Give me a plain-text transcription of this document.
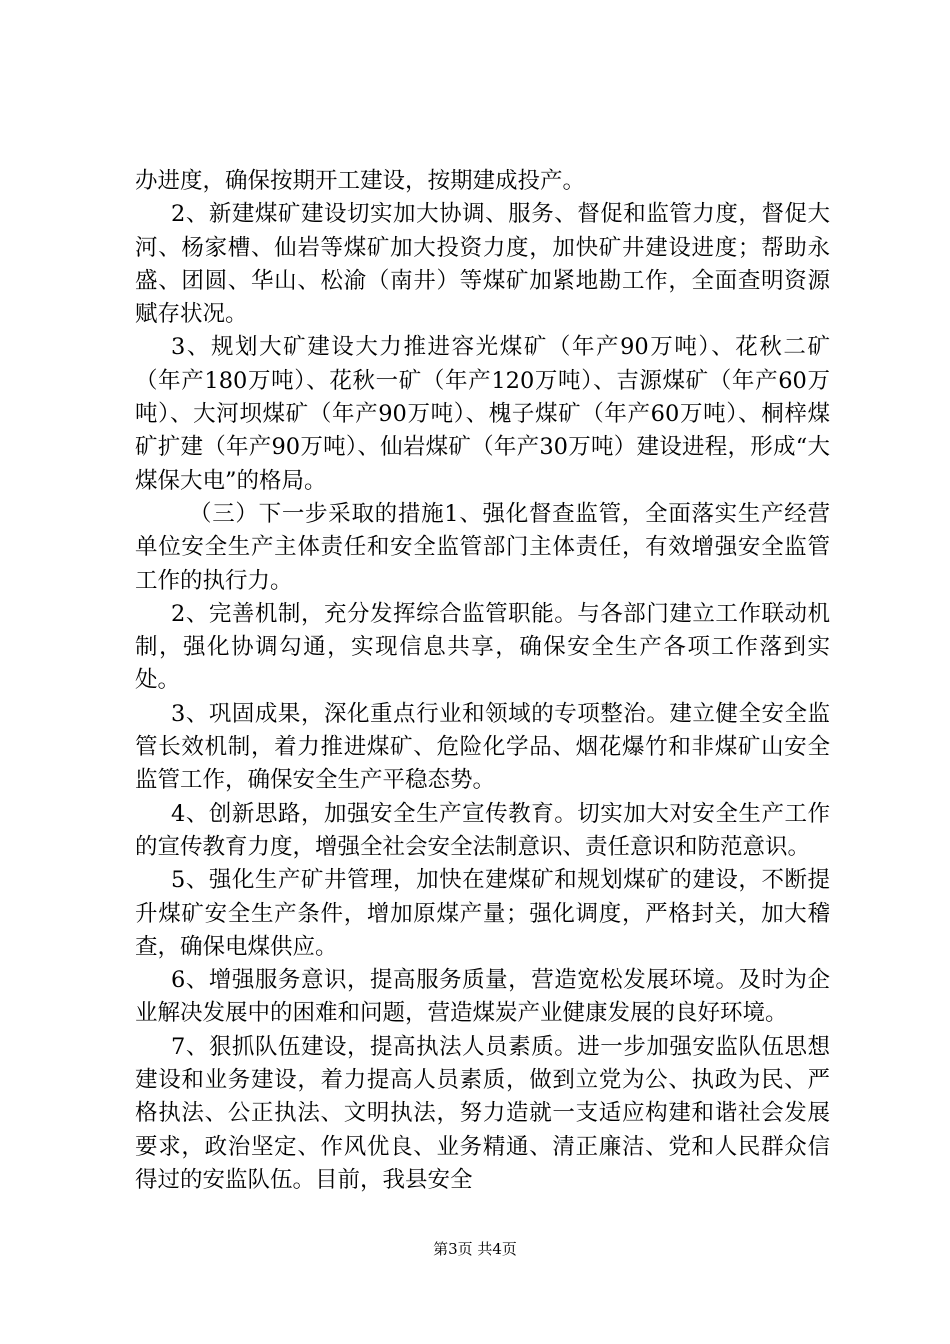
办进度，确保按期开工建设，按期建成投产。

2、新建煤矿建设切实加大协调、服务、督促和监管力度，督促大河、杨家槽、仙岩等煤矿加大投资力度，加快矿井建设进度；帮助永盛、团圆、华山、松渝（南井）等煤矿加紧地勘工作，全面查明资源赋存状况。

3、规划大矿建设大力推进容光煤矿（年产90万吨）、花秋二矿（年产180万吨）、花秋一矿（年产120万吨）、吉源煤矿（年产60万吨）、大河坝煤矿（年产90万吨）、槐子煤矿（年产60万吨）、桐梓煤矿扩建（年产90万吨）、仙岩煤矿（年产30万吨）建设进程，形成“大煤保大电”的格局。

（三）下一步采取的措施1、强化督查监管，全面落实生产经营单位安全生产主体责任和安全监管部门主体责任，有效增强安全监管工作的执行力。

2、完善机制，充分发挥综合监管职能。与各部门建立工作联动机制，强化协调勾通，实现信息共享，确保安全生产各项工作落到实处。

3、巩固成果，深化重点行业和领域的专项整治。建立健全安全监管长效机制，着力推进煤矿、危险化学品、烟花爆竹和非煤矿山安全监管工作，确保安全生产平稳态势。

4、创新思路，加强安全生产宣传教育。切实加大对安全生产工作的宣传教育力度，增强全社会安全法制意识、责任意识和防范意识。

5、强化生产矿井管理，加快在建煤矿和规划煤矿的建设，不断提升煤矿安全生产条件，增加原煤产量；强化调度，严格封关，加大稽查，确保电煤供应。

6、增强服务意识，提高服务质量，营造宽松发展环境。及时为企业解决发展中的困难和问题，营造煤炭产业健康发展的良好环境。

7、狠抓队伍建设，提高执法人员素质。进一步加强安监队伍思想建设和业务建设，着力提高人员素质，做到立党为公、执政为民、严格执法、公正执法、文明执法，努力造就一支适应构建和谐社会发展要求，政治坚定、作风优良、业务精通、清正廉洁、党和人民群众信得过的安监队伍。目前，我县安全

第3页 共4页
